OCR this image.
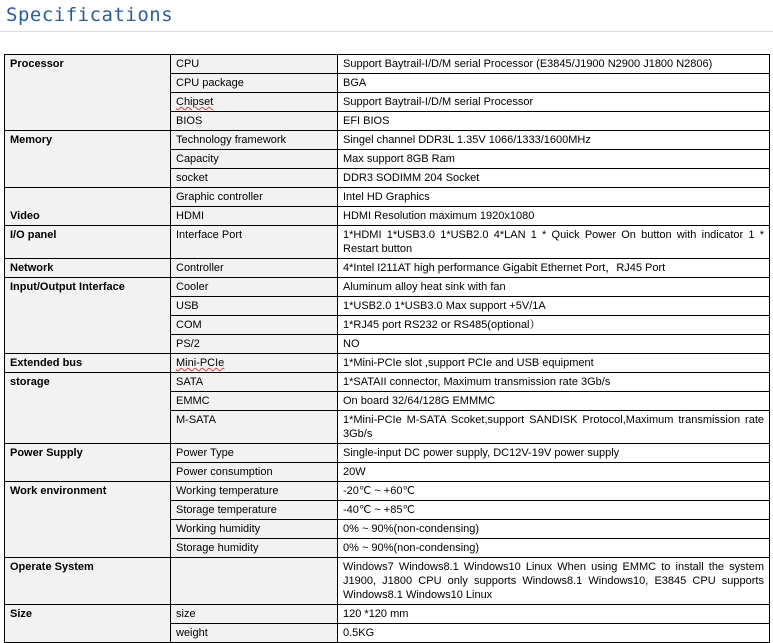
Specifications
Processor	CPU	Support Baytrail-I/D/M serial Processor (E3845/J1900 N2900 J1800 N2806)
	CPU package	BGA
	Chipset	Support Baytrail-I/D/M serial Processor
	BIOS	EFI BIOS
Memory	Technology framework	Singel channel DDR3L 1.35V 1066/1333/1600MHz
	Capacity	Max support 8GB Ram
	socket	DDR3 SODIMM 204 Socket
Video	Graphic controller	Intel HD Graphics
	HDMI	HDMI Resolution maximum 1920x1080
I/O panel	Interface Port	1*HDMI 1*USB3.0 1*USB2.0 4*LAN 1 * Quick Power On button with indicator 1 * Restart button
Network	Controller	4*Intel I211AT high performance Gigabit Ethernet Port，RJ45 Port
Input/Output Interface	Cooler	Aluminum alloy heat sink with fan
	USB	1*USB2.0 1*USB3.0 Max support +5V/1A
	COM	1*RJ45 port RS232 or RS485(optional）
	PS/2	NO
Extended bus	Mini-PCIe	1*Mini-PCIe slot ,support PCIe and USB equipment
storage	SATA	1*SATAII connector, Maximum transmission rate 3Gb/s
	EMMC	On board 32/64/128G EMMMC
	M-SATA	1*Mini-PCIe M-SATA Scoket,support SANDISK Protocol,Maximum transmission rate 3Gb/s
Power Supply	Power Type	Single-input DC power supply, DC12V-19V power supply
	Power consumption	20W
Work environment	Working temperature	-20℃ ~ +60℃
	Storage temperature	-40℃ ~ +85℃
	Working humidity	0% ~ 90%(non-condensing)
	Storage humidity	0% ~ 90%(non-condensing)
Operate System		Windows7 Windows8.1 Windows10 Linux When using EMMC to install the system J1900, J1800 CPU only supports Windows8.1 Windows10, E3845 CPU supports Windows8.1 Windows10 Linux
Size	size	120 *120 mm
	weight	0.5KG
